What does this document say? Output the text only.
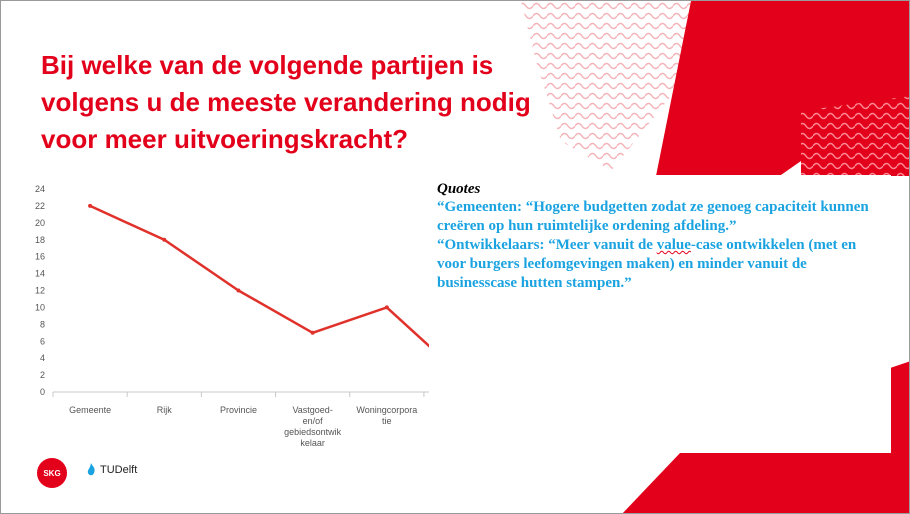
Bij welke van de volgende partijen is
volgens u de meeste verandering nodig
voor meer uitvoeringskracht?
0
2
4
6
8
10
12
14
16
18
20
22
24
Gemeente	Rijk	Provincie	Vastgoed-en/of gebiedsontwik kelaar
Woningcorpora tie
Quotes
“Gemeenten: “Hogere budgetten zodat ze genoeg capaciteit kunnen creëren op hun ruimtelijke ordening afdeling.”
“Ontwikkelaars: “Meer vanuit de value-case ontwikkelen (met en voor burgers leefomgevingen maken) en minder vanuit de businesscase hutten stampen.”
SKG	TUDelft
